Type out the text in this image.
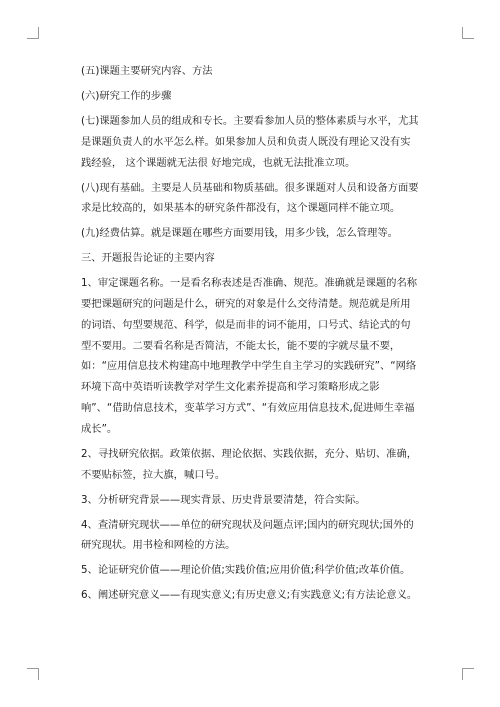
(五)课题主要研究内容、方法

(六)研究工作的步骤

(七)课题参加人员的组成和专长。主要看参加人员的整体素质与水平，尤其是课题负责人的水平怎么样。如果参加人员和负责人既没有理论又没有实践经验， 这个课题就无法很 好地完成，也就无法批准立项。

(八)现有基础。主要是人员基础和物质基础。很多课题对人员和设备方面要求是比较高的，如果基本的研究条件都没有，这个课题同样不能立项。

(九)经费估算。就是课题在哪些方面要用钱，用多少钱，怎么管理等。

三、开题报告论证的主要内容

1、审定课题名称。一是看名称表述是否准确、规范。准确就是课题的名称要把课题研究的问题是什么，研究的对象是什么交待清楚。规范就是所用的词语、句型要规范、科学，似是而非的词不能用，口号式、结论式的句型不要用。二要看名称是否简洁，不能太长，能不要的字就尽量不要，如：“应用信息技术构建高中地理教学中学生自主学习的实践研究”、“网络环境下高中英语听读教学对学生文化素养提高和学习策略形成之影响”、“借助信息技术，变革学习方式”、“有效应用信息技术,促进师生幸福成长”。

2、寻找研究依据。政策依据、理论依据、实践依据，充分、贴切、准确，不要贴标签，拉大旗，喊口号。

3、分析研究背景——现实背景、历史背景要清楚，符合实际。

4、查清研究现状——单位的研究现状及问题点评;国内的研究现状;国外的研究现状。用书检和网检的方法。

5、论证研究价值——理论价值;实践价值;应用价值;科学价值;改革价值。

6、阐述研究意义——有现实意义;有历史意义;有实践意义;有方法论意义。
